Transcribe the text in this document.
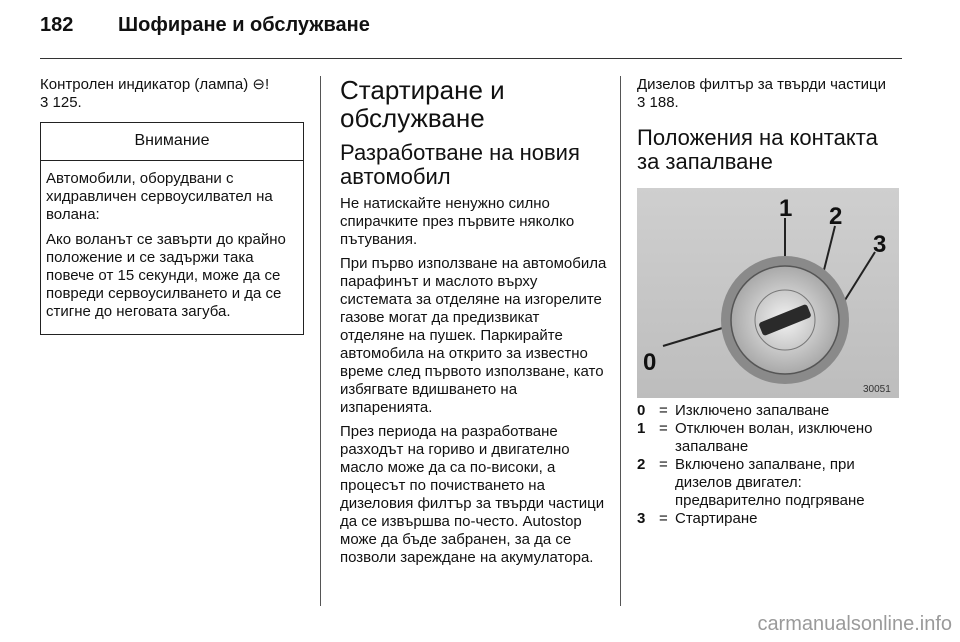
182 Шофиране и обслужване
Контролен индикатор (лампа) ⊖!
3 125.
Внимание

Автомобили, оборудвани с хидравличен сервоусилвател на волана:

Ако воланът се завърти до крайно положение и се задържи така повече от 15 секунди, може да се повреди сервоусилването и да се стигне до неговата загуба.

Стартиране и обслужване
Разработване на новия автомобил

Не натискайте ненужно силно спирачките през първите няколко пътувания.

При първо използване на автомобила парафинът и маслото върху системата за отделяне на изгорелите газове могат да предизвикат отделяне на пушек. Паркирайте автомобила на открито за известно време след първото използване, като избягвате вдишването на изпаренията.

През периода на разработване разходът на гориво и двигателно масло може да са по-високи, а процесът по почистването на дизеловия филтър за твърди частици да се извършва по-често. Autostop може да бъде забранен, за да се позволи зареждане на акумулатора.

Дизелов филтър за твърди частици
3 188.
Положения на контакта за запалване
1 2
3
0
30051
0 = Изключено запалване
1 = Отключен волан, изключено запалване
2 = Включено запалване, при дизелов двигател: предварително подгряване
3 = Стартиране
carmanualsonline.info
